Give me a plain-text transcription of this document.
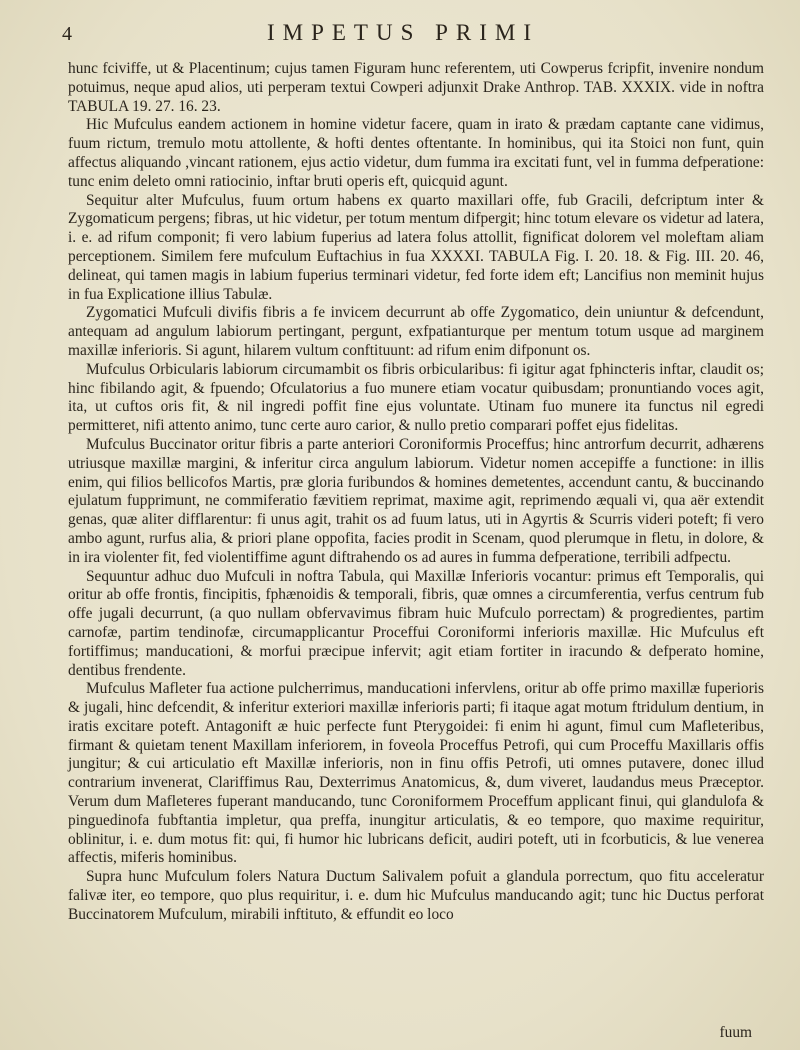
4	IMPETUS PRIMI

hunc fciviffe, ut & Placentinum; cujus tamen Figuram hunc referentem, uti Cowperus fcripfit, invenire nondum potuimus, neque apud alios, uti perperam textui Cowperi adjunxit Drake Anthrop. TAB. XXXIX. vide in noftra TABULA 19. 27. 16. 23.

Hic Mufculus eandem actionem in homine videtur facere, quam in irato & prædam captante cane vidimus, fuum rictum, tremulo motu attollente, & hofti dentes oftentante. In hominibus, qui ita Stoici non funt, quin affectus aliquando ,vincant rationem, ejus actio videtur, dum fumma ira excitati funt, vel in fumma defperatione: tunc enim deleto omni ratiocinio, inftar bruti operis eft, quicquid agunt.

Sequitur alter Mufculus, fuum ortum habens ex quarto maxillari offe, fub Gracili, defcriptum inter & Zygomaticum pergens; fibras, ut hic videtur, per totum mentum difpergit; hinc totum elevare os videtur ad latera, i. e. ad rifum componit; fi vero labium fuperius ad latera folus attollit, fignificat dolorem vel moleftam aliam perceptionem. Similem fere mufculum Euftachius in fua XXXXI. TABULA Fig. I. 20. 18. & Fig. III. 20. 46, delineat, qui tamen magis in labium fuperius terminari videtur, fed forte idem eft; Lancifius non meminit hujus in fua Explicatione illius Tabulæ.

Zygomatici Mufculi divifis fibris a fe invicem decurrunt ab offe Zygomatico, dein uniuntur & defcendunt, antequam ad angulum labiorum pertingant, pergunt, exfpatianturque per mentum totum usque ad marginem maxillæ inferioris. Si agunt, hilarem vultum conftituunt: ad rifum enim difponunt os.

Mufculus Orbicularis labiorum circumambit os fibris orbicularibus: fi igitur agat fphincteris inftar, claudit os; hinc fibilando agit, & fpuendo; Ofculatorius a fuo munere etiam vocatur quibusdam; pronuntiando voces agit, ita, ut cuftos oris fit, & nil ingredi poffit fine ejus voluntate. Utinam fuo munere ita functus nil egredi permitteret, nifi attento animo, tunc certe auro carior, & nullo pretio comparari poffet ejus fidelitas.

Mufculus Buccinator oritur fibris a parte anteriori Coroniformis Proceffus; hinc antrorfum decurrit, adhærens utriusque maxillæ margini, & inferitur circa angulum labiorum. Videtur nomen accepiffe a functione: in illis enim, qui filios bellicofos Martis, præ gloria furibundos & homines demetentes, accendunt cantu, & buccinando ejulatum fupprimunt, ne commiferatio fævitiem reprimat, maxime agit, reprimendo æquali vi, qua aër extendit genas, quæ aliter difflarentur: fi unus agit, trahit os ad fuum latus, uti in Agyrtis & Scurris videri poteft; fi vero ambo agunt, rurfus alia, & priori plane oppofita, facies prodit in Scenam, quod plerumque in fletu, in dolore, & in ira violenter fit, fed violentiffime agunt diftrahendo os ad aures in fumma defperatione, terribili adfpectu.

Sequuntur adhuc duo Mufculi in noftra Tabula, qui Maxillæ Inferioris vocantur: primus eft Temporalis, qui oritur ab offe frontis, fincipitis, fphænoidis & temporali, fibris, quæ omnes a circumferentia, verfus centrum fub offe jugali decurrunt, (a quo nullam obfervavimus fibram huic Mufculo porrectam) & progredientes, partim carnofæ, partim tendinofæ, circumapplicantur Proceffui Coroniformi inferioris maxillæ. Hic Mufculus eft fortiffimus; manducationi, & morfui præcipue infervit; agit etiam fortiter in iracundo & defperato homine, dentibus frendente.

Mufculus Mafleter fua actione pulcherrimus, manducationi infervlens, oritur ab offe primo maxillæ fuperioris & jugali, hinc defcendit, & inferitur exteriori maxillæ inferioris parti; fi itaque agat motum ftridulum dentium, in iratis excitare poteft. Antagonift æ huic perfecte funt Pterygoidei: fi enim hi agunt, fimul cum Mafleteribus, firmant & quietam tenent Maxillam inferiorem, in foveola Proceffus Petrofi, qui cum Proceffu Maxillaris offis jungitur; & cui articulatio eft Maxillæ inferioris, non in finu offis Petrofi, uti omnes putavere, donec illud contrarium invenerat, Clariffimus Rau, Dexterrimus Anatomicus, &, dum viveret, laudandus meus Præceptor. Verum dum Mafleteres fuperant manducando, tunc Coroniformem Proceffum applicant finui, qui glandulofa & pinguedinofa fubftantia impletur, qua preffa, inungitur articulatis, & eo tempore, quo maxime requiritur, oblinitur, i. e. dum motus fit: qui, fi humor hic lubricans deficit, audiri poteft, uti in fcorbuticis, & lue venerea affectis, miferis hominibus.

Supra hunc Mufculum folers Natura Ductum Salivalem pofuit a glandula porrectum, quo fitu acceleratur falivæ iter, eo tempore, quo plus requiritur, i. e. dum hic Mufculus manducando agit; tunc hic Ductus perforat Buccinatorem Mufculum, mirabili inftituto, & effundit eo loco

fuum
